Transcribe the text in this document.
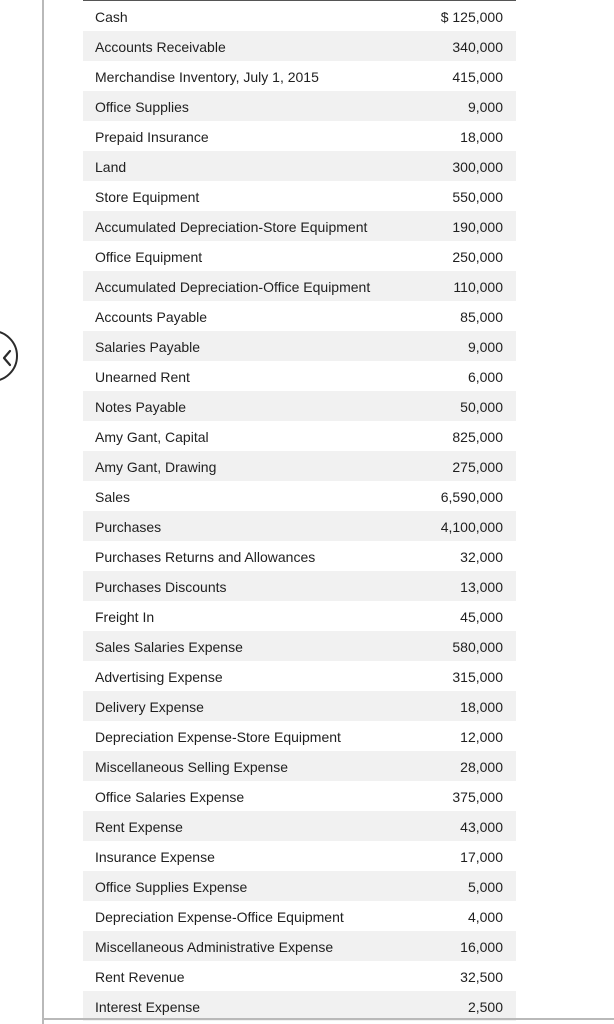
Cash	$ 125,000
Accounts Receivable	340,000
Merchandise Inventory, July 1, 2015	415,000
Office Supplies	9,000
Prepaid Insurance	18,000
Land	300,000
Store Equipment	550,000
Accumulated Depreciation-Store Equipment	190,000
Office Equipment	250,000
Accumulated Depreciation-Office Equipment	110,000
Accounts Payable	85,000
Salaries Payable	9,000
Unearned Rent	6,000
Notes Payable	50,000
Amy Gant, Capital	825,000
Amy Gant, Drawing	275,000
Sales	6,590,000
Purchases	4,100,000
Purchases Returns and Allowances	32,000
Purchases Discounts	13,000
Freight In	45,000
Sales Salaries Expense	580,000
Advertising Expense	315,000
Delivery Expense	18,000
Depreciation Expense-Store Equipment	12,000
Miscellaneous Selling Expense	28,000
Office Salaries Expense	375,000
Rent Expense	43,000
Insurance Expense	17,000
Office Supplies Expense	5,000
Depreciation Expense-Office Equipment	4,000
Miscellaneous Administrative Expense	16,000
Rent Revenue	32,500
Interest Expense	2,500
